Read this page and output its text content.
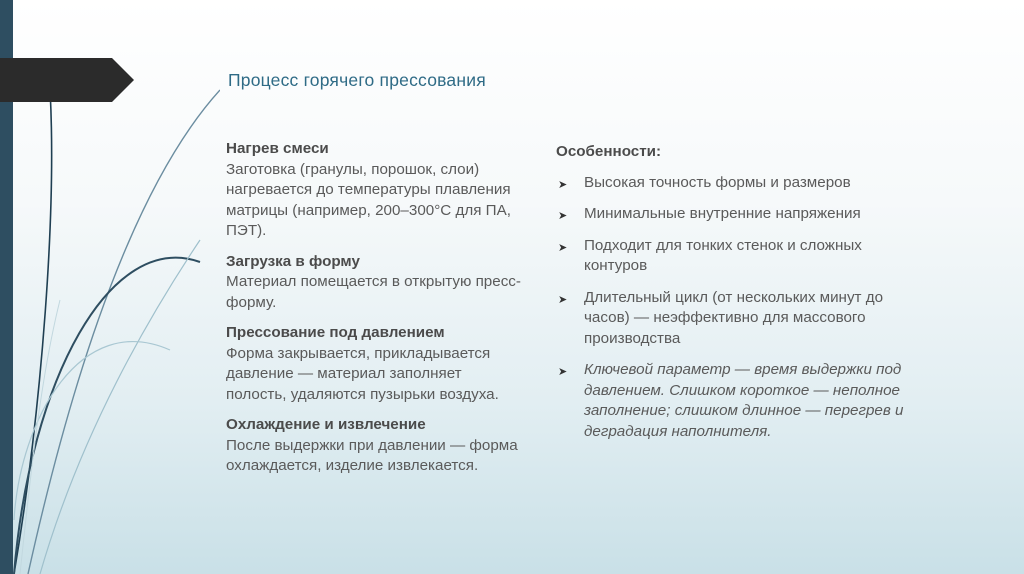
Процесс горячего прессования
Нагрев смеси
Заготовка (гранулы, порошок, слои) нагревается до температуры плавления матрицы (например, 200–300°C для ПА, ПЭТ).
Загрузка в форму
Материал помещается в открытую пресс-форму.
Прессование под давлением
Форма закрывается, прикладывается давление — материал заполняет полость, удаляются пузырьки воздуха.
Охлаждение и извлечение
После выдержки при давлении — форма охлаждается, изделие извлекается.
Особенности:
➤ Высокая точность формы и размеров
➤ Минимальные внутренние напряжения
➤ Подходит для тонких стенок и сложных контуров
➤ Длительный цикл (от нескольких минут до часов) — неэффективно для массового производства
➤ Ключевой параметр — время выдержки под давлением. Слишком короткое — неполное заполнение; слишком длинное — перегрев и деградация наполнителя.
